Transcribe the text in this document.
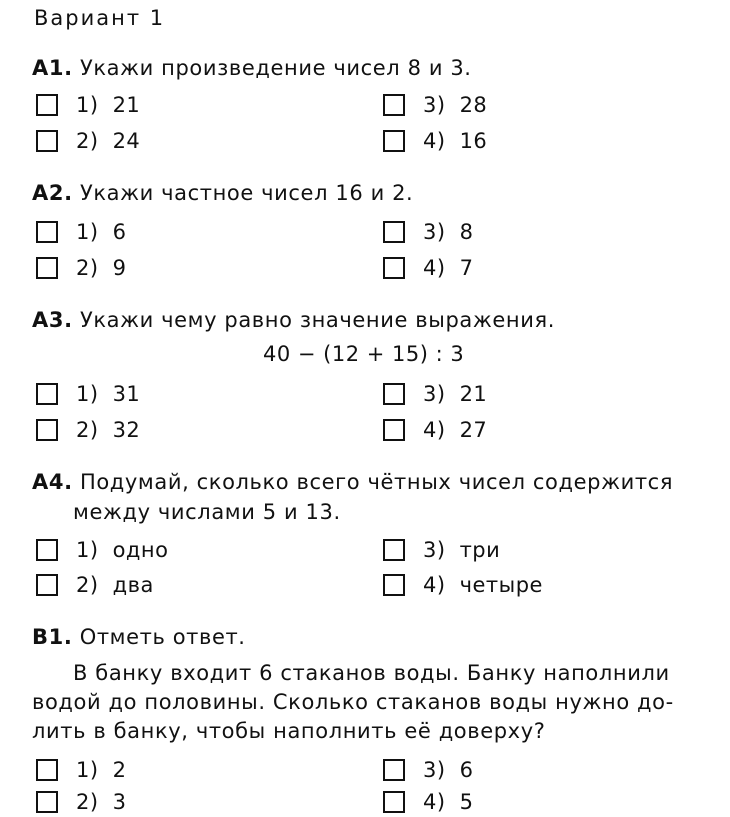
Вариант 1
А1. Укажи произведение чисел 8 и 3.
1) 21
2) 24
3) 28
4) 16
А2. Укажи частное чисел 16 и 2.
1) 6
2) 9
3) 8
4) 7
А3. Укажи чему равно значение выражения.
40 − (12 + 15) : 3
1) 31
2) 32
3) 21
4) 27
А4. Подумай, сколько всего чётных чисел содержится
между числами 5 и 13.
1) одно
2) два
3) три
4) четыре
В1. Отметь ответ.
В банку входит 6 стаканов воды. Банку наполнили
водой до половины. Сколько стаканов воды нужно до-
лить в банку, чтобы наполнить её доверху?
1) 2
2) 3
3) 6
4) 5
